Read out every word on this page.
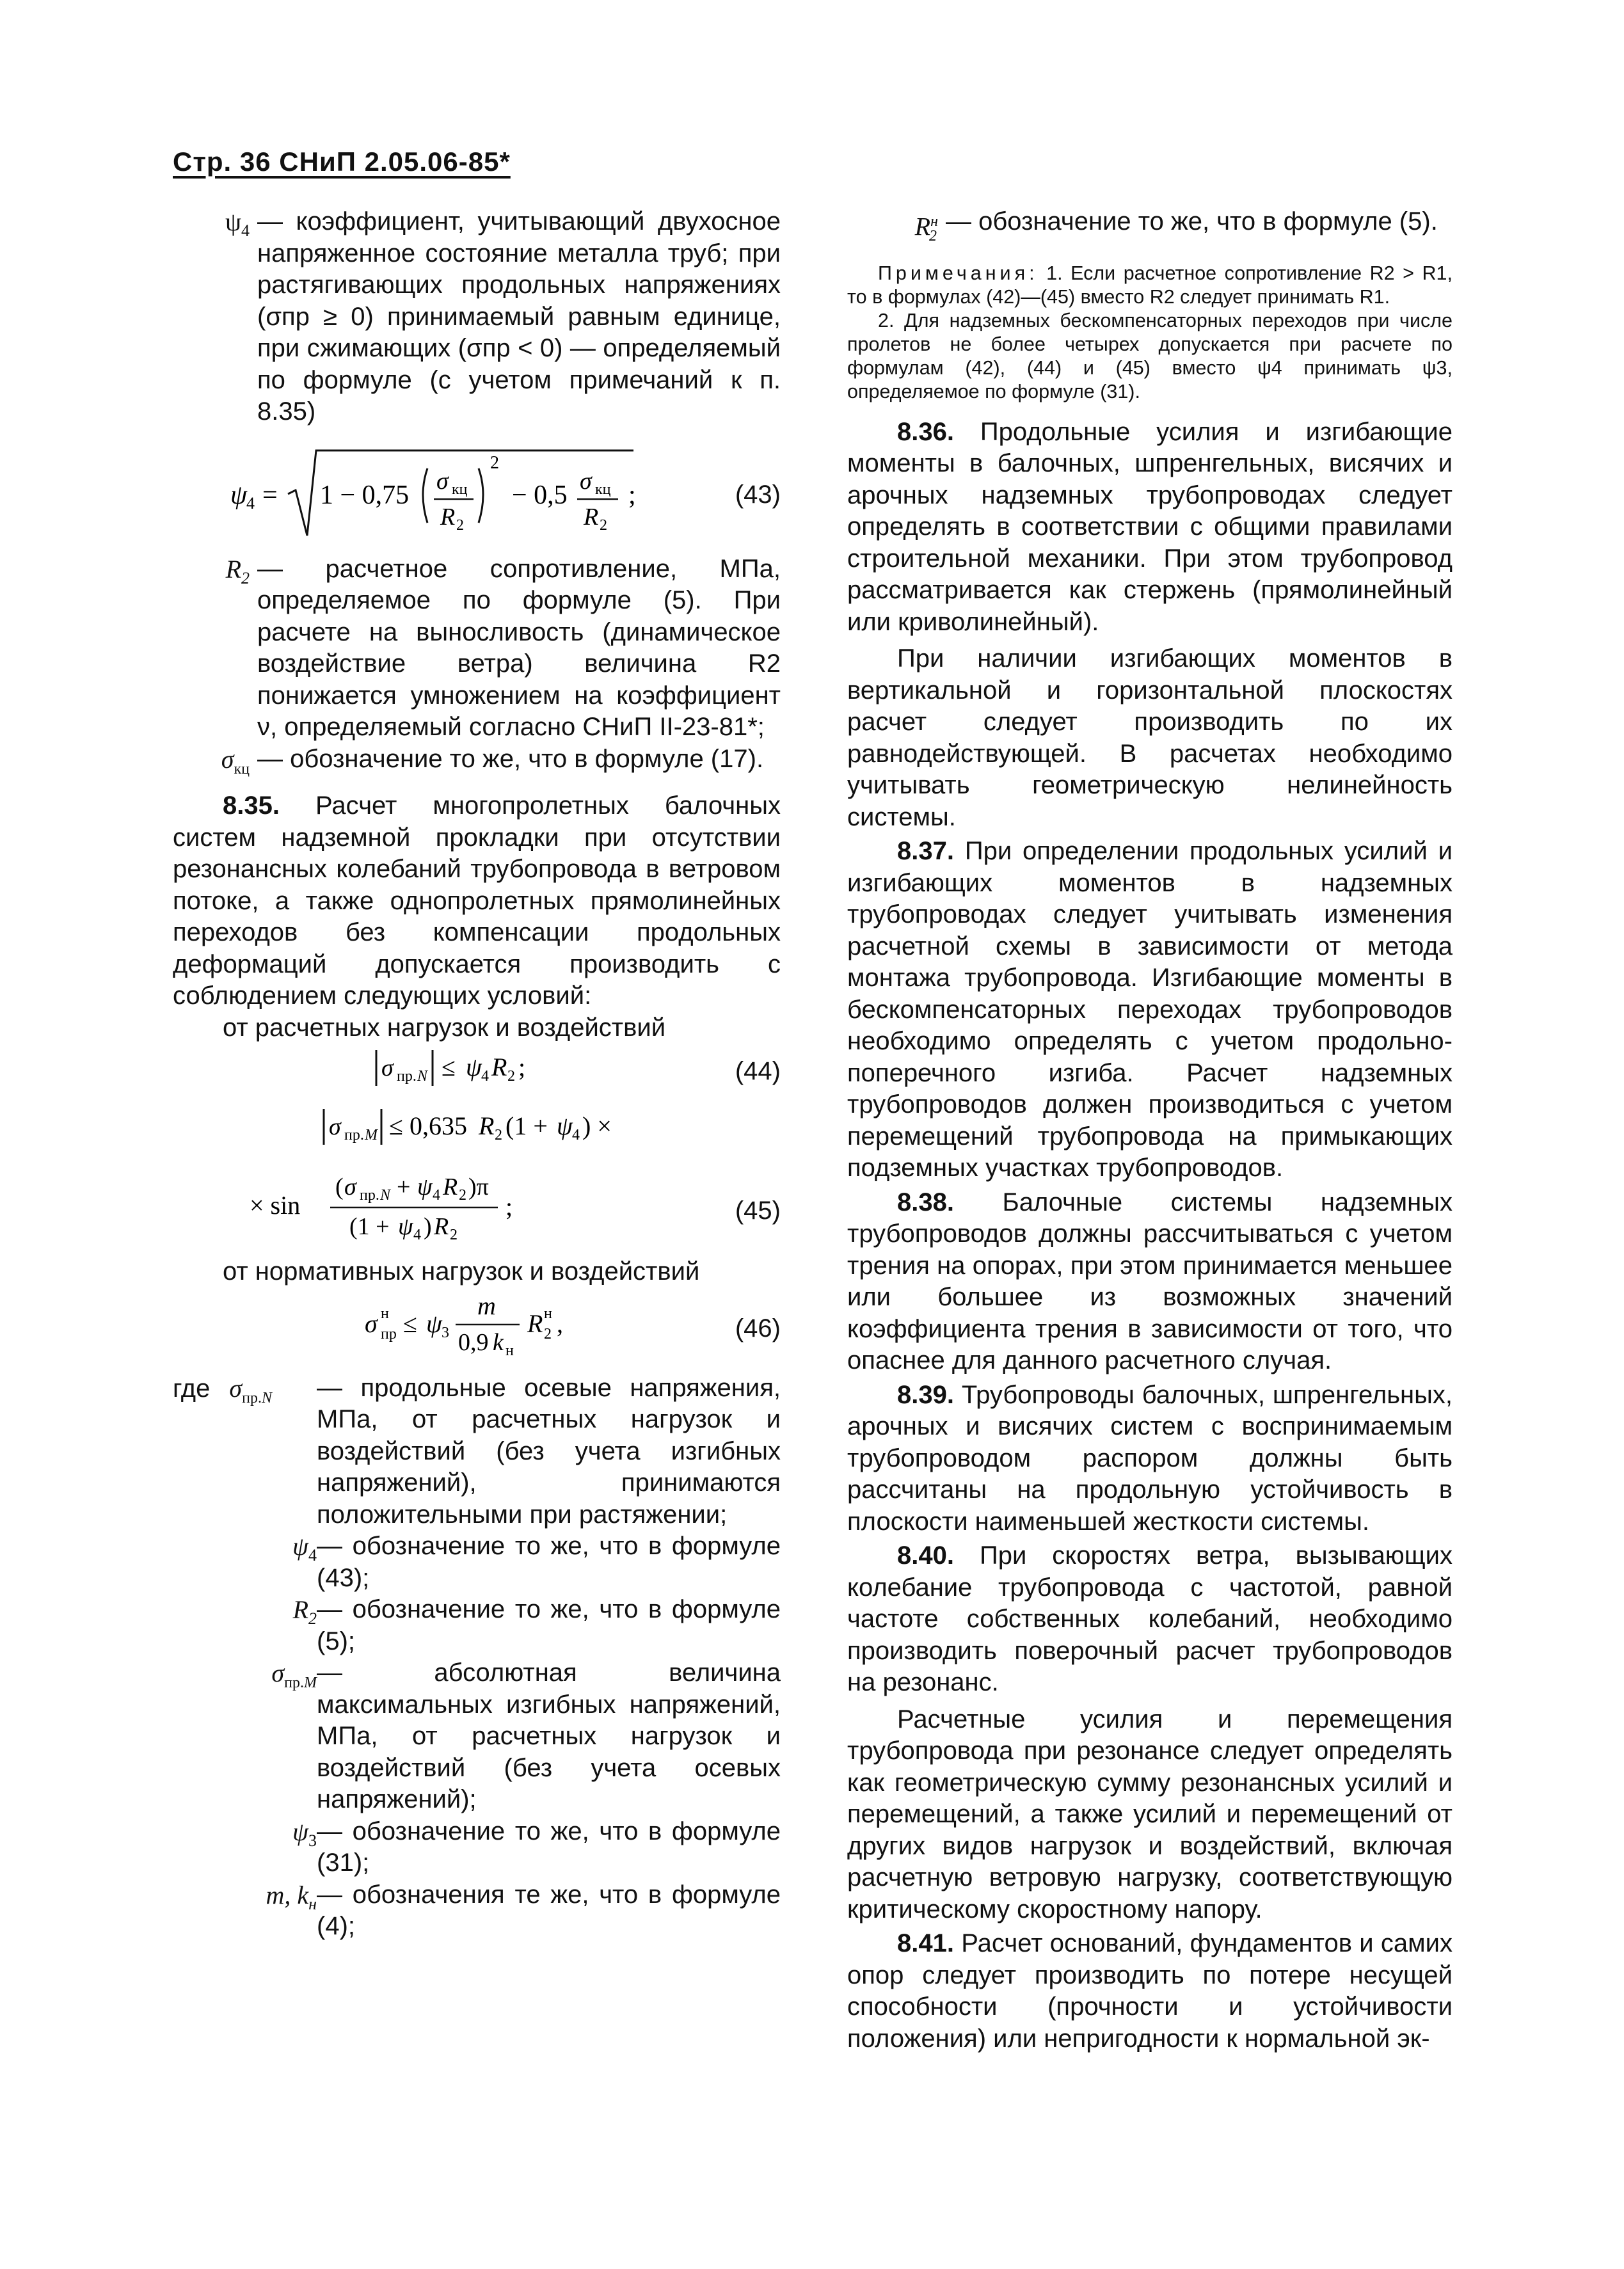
Стр. 36 СНиП 2.05.06-85*
$\psi_4$ — коэффициент, учитывающий двухосное напряженное состояние металла труб; при растягивающих продольных напряжениях (σпр ≥ 0) принимаемый равным единице, при сжимающих (σпр < 0) — определяемый по формуле (с учетом примечаний к п. 8.35)
ψ
4 = 1 − 0,75 σ кц
R 2
2
− 0,5 σ кц
R 2
;	(43)
$R_2$ — расчетное сопротивление, МПа, определяемое по формуле (5). При расчете на выносливость (динамическое воздействие ветра) величина R2 понижается умножением на коэффициент ν, определяемый согласно СНиП II-23-81*;
$\sigma_{кц}$ — обозначение то же, что в формуле (17).

8.35. Расчет многопролетных балочных систем надземной прокладки при отсутствии резонансных колебаний трубопровода в ветровом потоке, а также однопролетных прямолинейных переходов без компенсации продольных деформаций допускается производить с соблюдением следующих условий:

от расчетных нагрузок и воздействий

σ пр. N ≤ ψ 4 R 2 ;	(44)
σ пр. M ≤ 0,635 R 2 (1 + ψ 4 ) ×
× sin
( σ пр. N + ψ 4 R 2 )π
(1 + ψ 4 ) R 2
;	(45)

от нормативных нагрузок и воздействий

σ н
пр ≤ ψ 3
m
0,9 k н
R н
2 ,	(46)
где $\sigma_{пр.N}$	— продольные осевые напряжения, МПа, от расчетных нагрузок и воздействий (без учета изгибных напряжений), принимаются положительными при растяжении;
$\psi_4$ — обозначение то же, что в формуле (43);
$R_2$ — обозначение то же, что в формуле (5);
$\sigma_{пр.M}$ — абсолютная величина максимальных изгибных напряжений, МПа, от расчетных нагрузок и воздействий (без учета осевых напряжений);
$\psi_3$ — обозначение то же, что в формуле (31);
m, $k_н$ — обозначения те же, что в формуле (4);
$R^н_2$
— обозначение то же, что в формуле (5).

Примечания: 1. Если расчетное сопротивление R2 > R1, то в формулах (42)—(45) вместо R2 следует принимать R1.

2. Для надземных бескомпенсаторных переходов при числе пролетов не более четырех допускается при расчете по формулам (42), (44) и (45) вместо ψ4 принимать ψ3, определяемое по формуле (31).

8.36. Продольные усилия и изгибающие моменты в балочных, шпренгельных, висячих и арочных надземных трубопроводах следует определять в соответствии с общими правилами строительной механики. При этом трубопровод рассматривается как стержень (прямолинейный или криволинейный).

При наличии изгибающих моментов в вертикальной и горизонтальной плоскостях расчет следует производить по их равнодействующей. В расчетах необходимо учитывать геометрическую нелинейность системы.

8.37. При определении продольных усилий и изгибающих моментов в надземных трубопроводах следует учитывать изменения расчетной схемы в зависимости от метода монтажа трубопровода. Изгибающие моменты в бескомпенсаторных переходах трубопроводов необходимо определять с учетом продольно-поперечного изгиба. Расчет надземных трубопроводов должен производиться с учетом перемещений трубопровода на примыкающих подземных участках трубопроводов.

8.38. Балочные системы надземных трубопроводов должны рассчитываться с учетом трения на опорах, при этом принимается меньшее или большее из возможных значений коэффициента трения в зависимости от того, что опаснее для данного расчетного случая.

8.39. Трубопроводы балочных, шпренгельных, арочных и висячих систем с воспринимаемым трубопроводом распором должны быть рассчитаны на продольную устойчивость в плоскости наименьшей жесткости системы.

8.40. При скоростях ветра, вызывающих колебание трубопровода с частотой, равной частоте собственных колебаний, необходимо производить поверочный расчет трубопроводов на резонанс.

Расчетные усилия и перемещения трубопровода при резонансе следует определять как геометрическую сумму резонансных усилий и перемещений, а также усилий и перемещений от других видов нагрузок и воздействий, включая расчетную ветровую нагрузку, соответствующую критическому скоростному напору.

8.41. Расчет оснований, фундаментов и самих опор следует производить по потере несущей способности (прочности и устойчивости положения) или непригодности к нормальной эк-
